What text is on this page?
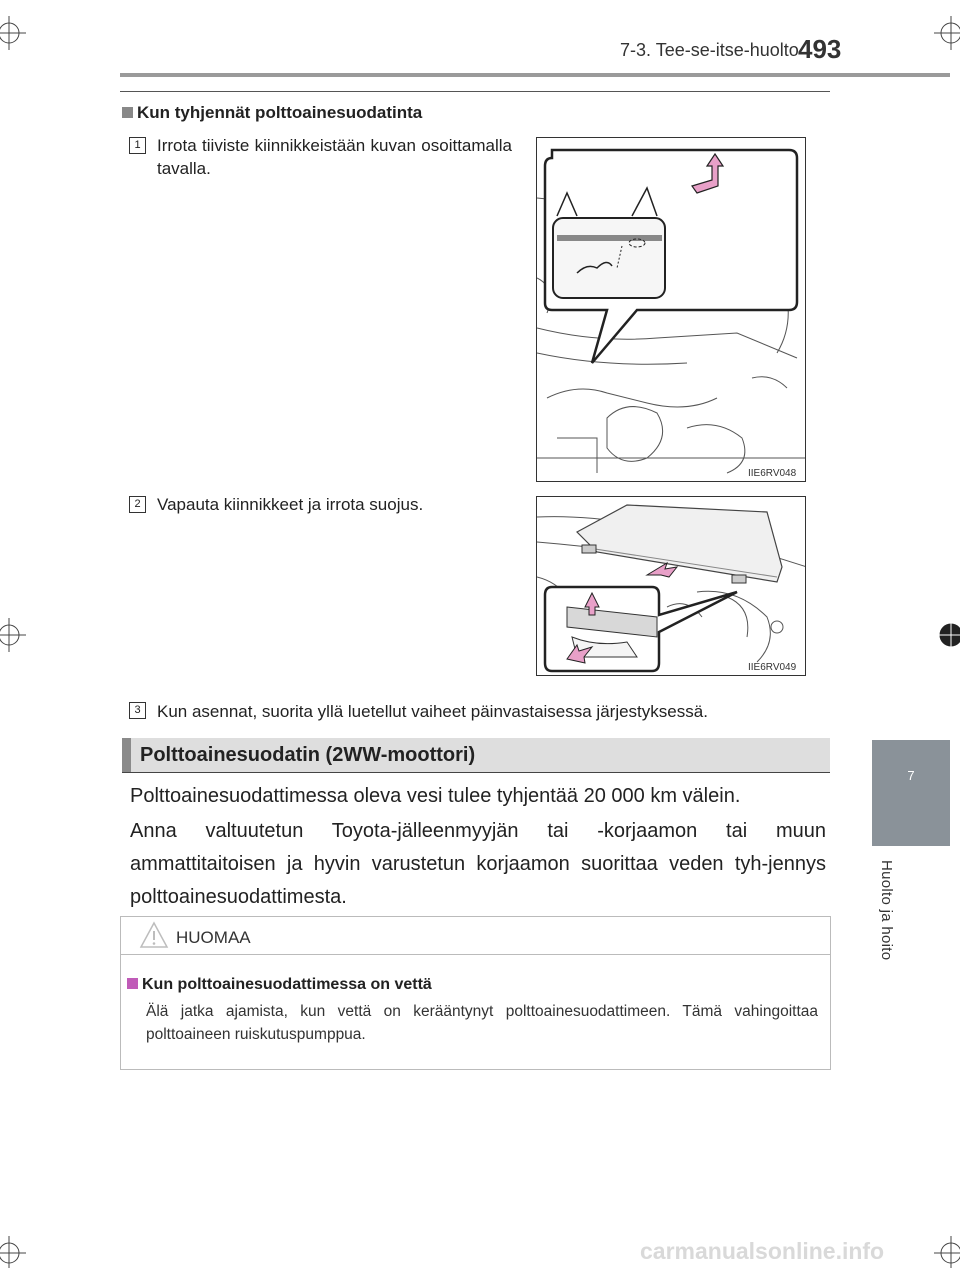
7-3. Tee-se-itse-huolto 493
7
Huolto ja hoito
Kun tyhjennät polttoainesuodatinta
1 Irrota tiiviste kiinnikkeistään kuvan osoittamalla tavalla.
IIE6RV048
2 Vapauta kiinnikkeet ja irrota suojus.
IIE6RV049
3 Kun asennat, suorita yllä luetellut vaiheet päinvastaisessa järjestyksessä.
Polttoainesuodatin (2WW-moottori)
Polttoainesuodattimessa oleva vesi tulee tyhjentää 20 000 km välein.
Anna valtuutetun Toyota-jälleenmyyjän tai -korjaamon tai muun ammattitaitoisen ja hyvin varustetun korjaamon suorittaa veden tyh-jennys polttoainesuodattimesta.
HUOMAA
Kun polttoainesuodattimessa on vettä
Älä jatka ajamista, kun vettä on kerääntynyt polttoainesuodattimeen. Tämä vahingoittaa polttoaineen ruiskutuspumppua.
carmanualsonline.info
